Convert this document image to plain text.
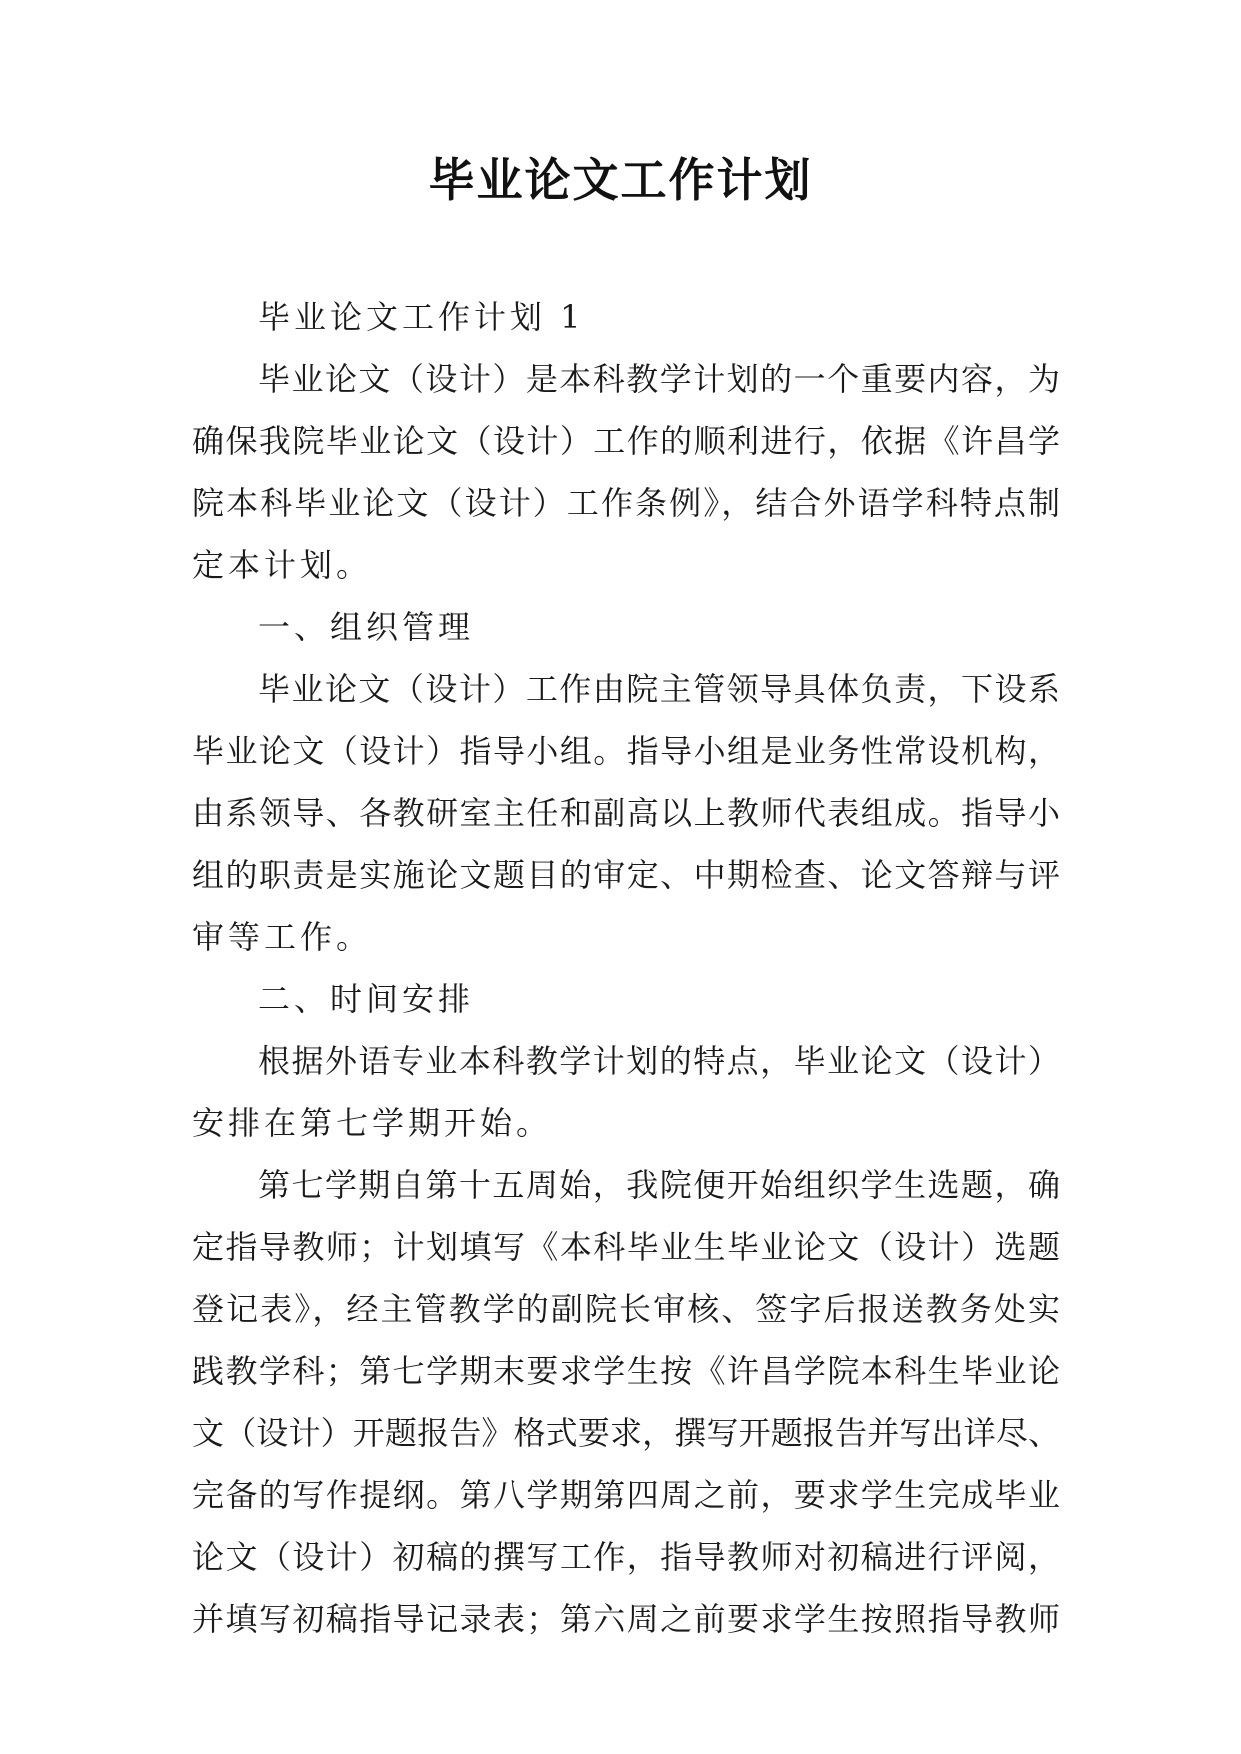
毕业论文工作计划
毕业论文工作计划 1
毕业论文（设计）是本科教学计划的一个重要内容，为
确保我院毕业论文（设计）工作的顺利进行，依据《许昌学
院本科毕业论文（设计）工作条例》，结合外语学科特点制
定本计划。
一、组织管理
毕业论文（设计）工作由院主管领导具体负责，下设系
毕业论文（设计）指导小组。指导小组是业务性常设机构，
由系领导、各教研室主任和副高以上教师代表组成。指导小
组的职责是实施论文题目的审定、中期检查、论文答辩与评
审等工作。
二、时间安排
根据外语专业本科教学计划的特点，毕业论文（设计）
安排在第七学期开始。
第七学期自第十五周始，我院便开始组织学生选题，确
定指导教师；计划填写《本科毕业生毕业论文（设计）选题
登记表》，经主管教学的副院长审核、签字后报送教务处实
践教学科；第七学期末要求学生按《许昌学院本科生毕业论
文（设计）开题报告》格式要求，撰写开题报告并写出详尽、
完备的写作提纲。第八学期第四周之前，要求学生完成毕业
论文（设计）初稿的撰写工作，指导教师对初稿进行评阅，
并填写初稿指导记录表；第六周之前要求学生按照指导教师
